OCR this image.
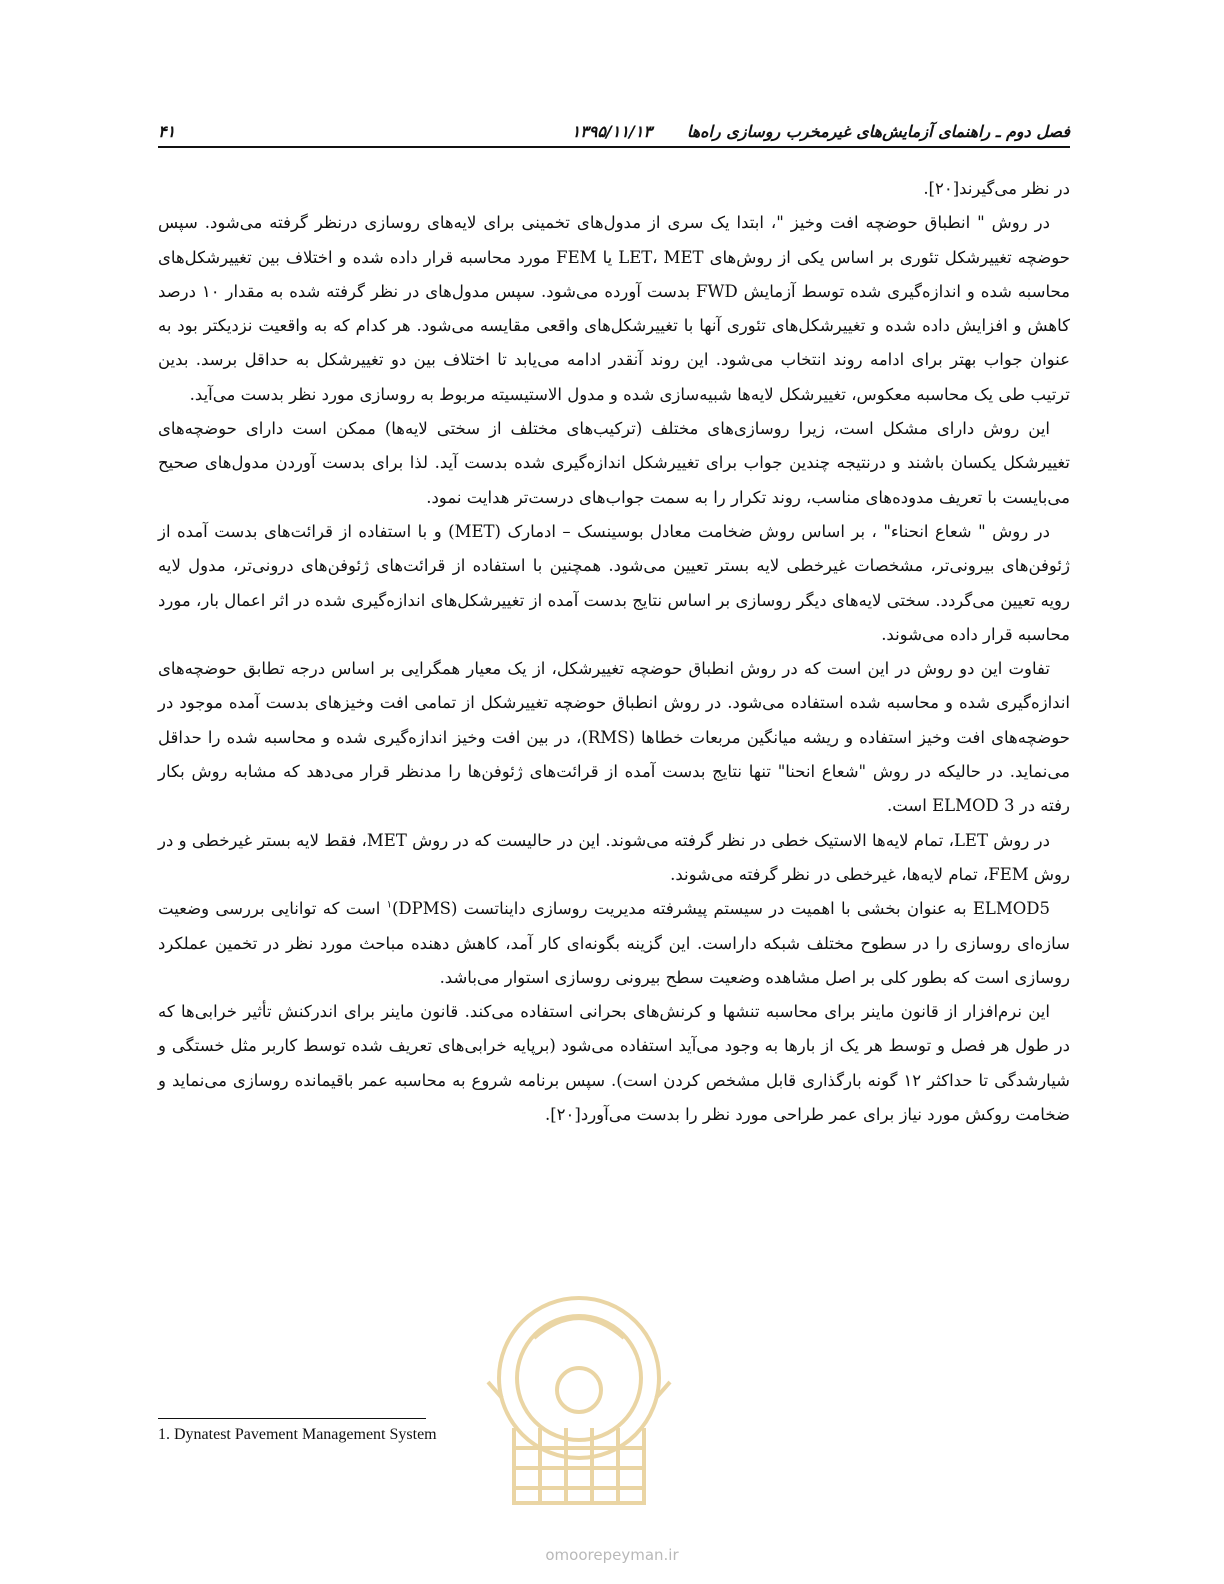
فصل دوم ـ راهنمای آزمایش‌های غیرمخرب روسازی راه‌ها
۱۳۹۵/۱۱/۱۳
۴۱

در نظر می‌گیرند[۲۰].

در روش " انطباق حوضچه افت وخیز "، ابتدا یک سری از مدول‌های تخمینی برای لایه‌های روسازی درنظر گرفته می‌شود. سپس حوضچه تغییرشکل تئوری بر اساس یکی از روش‌های LET، MET یا FEM مورد محاسبه قرار داده شده و اختلاف بین تغییرشکل‌های محاسبه شده و اندازه‌گیری شده توسط آزمایش FWD بدست آورده می‌شود. سپس مدول‌های در نظر گرفته شده به مقدار ۱۰ درصد کاهش و افزایش داده شده و تغییرشکل‌های تئوری آنها با تغییرشکل‌های واقعی مقایسه می‌شود. هر کدام که به واقعیت نزدیکتر بود به عنوان جواب بهتر برای ادامه روند انتخاب می‌شود. این روند آنقدر ادامه می‌یابد تا اختلاف بین دو تغییرشکل به حداقل برسد. بدین ترتیب طی یک محاسبه معکوس، تغییرشکل لایه‌ها شبیه‌سازی شده و مدول الاستیسیته مربوط به روسازی مورد نظر بدست می‌آید.

این روش دارای مشکل است، زیرا روسازی‌های مختلف (ترکیب‌های مختلف از سختی لایه‌ها) ممکن است دارای حوضچه‌های تغییرشکل یکسان باشند و درنتیجه چندین جواب برای تغییرشکل اندازه‌گیری شده بدست آید. لذا برای بدست آوردن مدول‌های صحیح می‌بایست با تعریف مدوده‌های مناسب، روند تکرار را به سمت جواب‌های درست‌تر هدایت نمود.

در روش " شعاع انحناء" ، بر اساس روش ضخامت معادل بوسینسک – ادمارک (MET) و با استفاده از قرائت‌های بدست آمده از ژئوفن‌های بیرونی‌تر، مشخصات غیرخطی لایه بستر تعیین می‌شود. همچنین با استفاده از قرائت‌های ژئوفن‌های درونی‌تر، مدول لایه رویه تعیین می‌گردد. سختی لایه‌های دیگر روسازی بر اساس نتایج بدست آمده از تغییرشکل‌های اندازه‌گیری شده در اثر اعمال بار، مورد محاسبه قرار داده می‌شوند.

تفاوت این دو روش در این است که در روش انطباق حوضچه تغییرشکل، از یک معیار همگرایی بر اساس درجه تطابق حوضچه‌های اندازه‌گیری شده و محاسبه شده استفاده می‌شود. در روش انطباق حوضچه تغییرشکل از تمامی افت وخیزهای بدست آمده موجود در حوضچه‌های افت وخیز استفاده و ریشه میانگین مربعات خطاها (RMS)، در بین افت وخیز اندازه‌گیری شده و محاسبه شده را حداقل می‌نماید. در حالیکه در روش "شعاع انحنا" تنها نتایج بدست آمده از قرائت‌های ژئوفن‌ها را مدنظر قرار می‌دهد که مشابه روش بکار رفته در ELMOD 3 است.

در روش LET، تمام لایه‌ها الاستیک خطی در نظر گرفته می‌شوند. این در حالیست که در روش MET، فقط لایه بستر غیرخطی و در روش FEM، تمام لایه‌ها، غیرخطی در نظر گرفته می‌شوند.

ELMOD5 به عنوان بخشی با اهمیت در سیستم پیشرفته مدیریت روسازی دایناتست (DPMS)$^۱$ است که توانایی بررسی وضعیت سازه‌ای روسازی را در سطوح مختلف شبکه داراست. این گزینه بگونه‌ای کار آمد، کاهش دهنده مباحث مورد نظر در تخمین عملکرد روسازی است که بطور کلی بر اصل مشاهده وضعیت سطح بیرونی روسازی استوار می‌باشد.

این نرم‌افزار از قانون ماینر برای محاسبه تنشها و کرنش‌های بحرانی استفاده می‌کند. قانون ماینر برای اندرکنش تأثیر خرابی‌ها که در طول هر فصل و توسط هر یک از بارها به وجود می‌آید استفاده می‌شود (برپایه خرابی‌های تعریف شده توسط کاربر مثل خستگی و شیارشدگی تا حداکثر ۱۲ گونه بارگذاری قابل مشخص کردن است). سپس برنامه شروع به محاسبه عمر باقیمانده روسازی می‌نماید و ضخامت روکش مورد نیاز برای عمر طراحی مورد نظر را بدست می‌آورد[۲۰].

1. Dynatest Pavement Management System
omoorepeyman.ir
